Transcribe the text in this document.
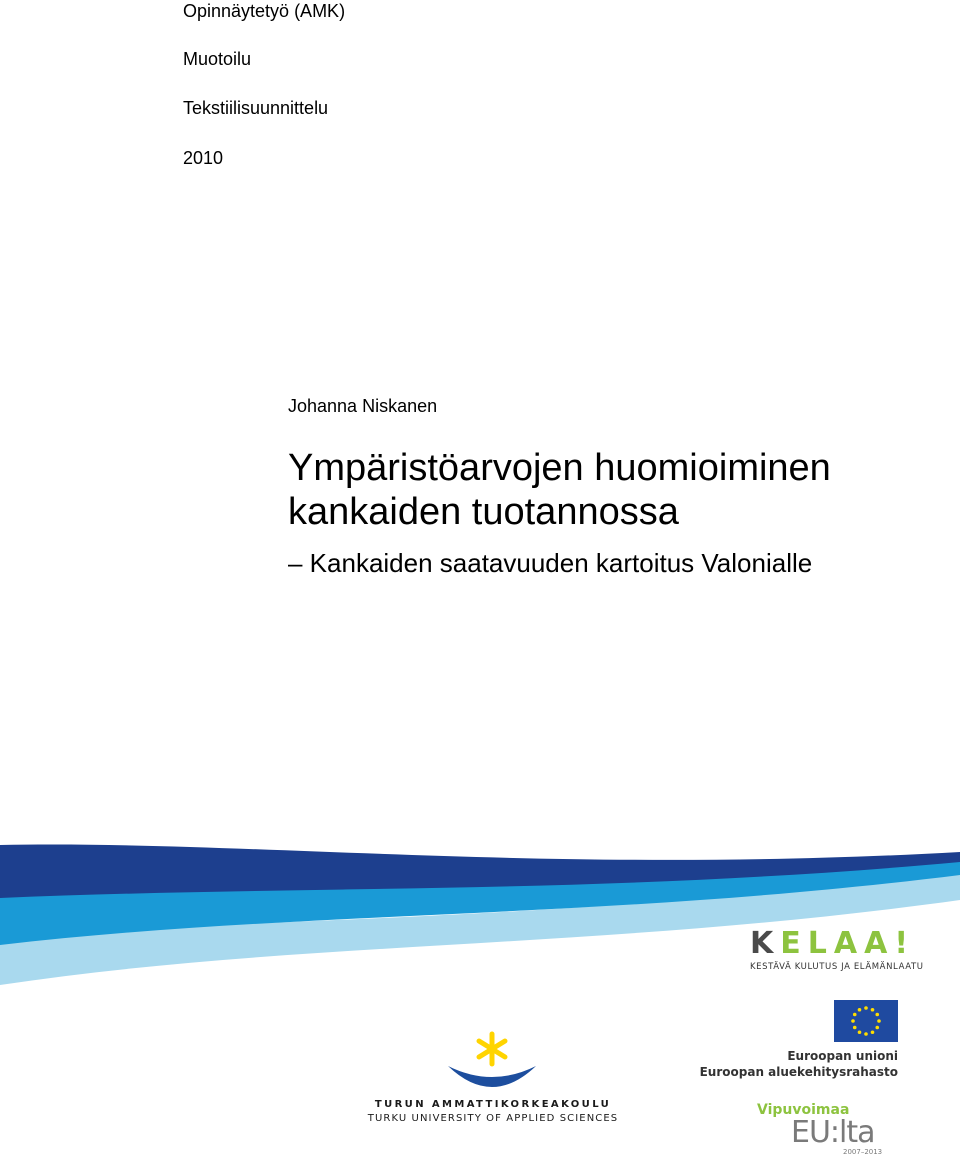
Opinnäytetyö (AMK)

Muotoilu

Tekstiilisuunnittelu

2010

Johanna Niskanen

Ympäristöarvojen huomioiminen
kankaiden tuotannossa

– Kankaiden saatavuuden kartoitus Valonialle

K E L A A !
KESTÄVÄ KULUTUS JA ELÄMÄNLAATU
Euroopan unioni
Euroopan aluekehitysrahasto
Vipuvoimaa
EU:lta
2007–2013
TURUN AMMATTIKORKEAKOULU
TURKU UNIVERSITY OF APPLIED SCIENCES
